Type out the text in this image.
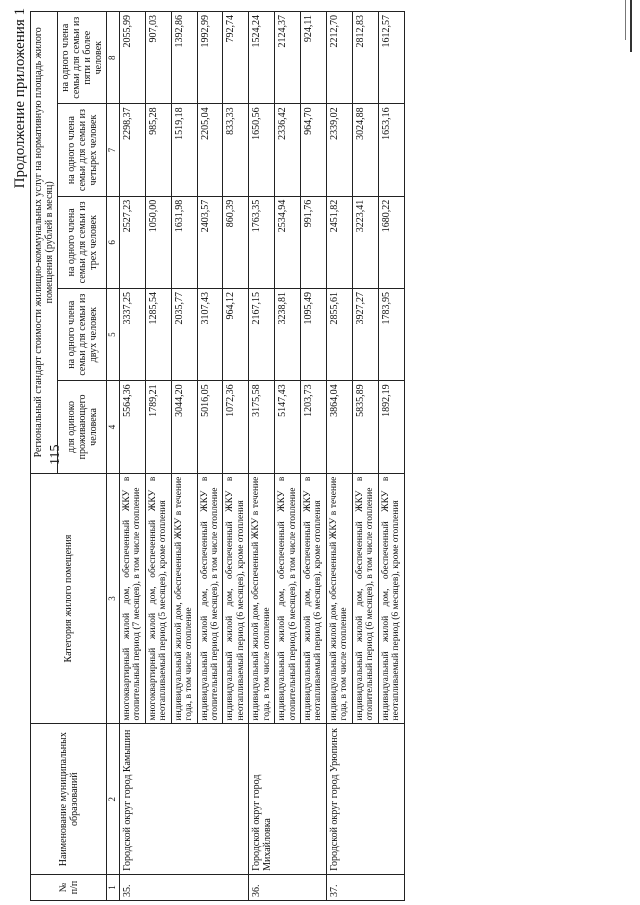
Продолжение приложения 1
115
№ п/п	Наименование муниципальных образований	Категория жилого помещения	Региональный стандарт стоимости жилищно-коммунальных услуг на нормативную площадь жилого помещения (рублей в месяц)				
			для одиноко проживающего человека	на одного члена семьи для семьи из двух человек	на одного члена семьи для семьи из трех человек	на одного члена семьи для семьи из четырех человек	на одного члена семьи для семьи из пяти и более человек
1	2	3	4	5	6	7	8
35.	Городской округ город Камышин	многоквартирный жилой дом, обеспеченный ЖКУ в отопительный период (7 месяцев), в том числе отопление	5564,36	3337,25	2527,23	2298,37	2055,99
		многоквартирный жилой дом, обеспеченный ЖКУ в неотапливаемый период (5 месяцев), кроме отопления	1789,21	1285,54	1050,00	985,28	907,03
		индивидуальный жилой дом, обеспеченный ЖКУ в течение года, в том числе отопление	3044,20	2035,77	1631,98	1519,18	1392,86
		индивидуальный жилой дом, обеспеченный ЖКУ в отопительный период (6 месяцев), в том числе отопление	5016,05	3107,43	2403,57	2205,04	1992,99
		индивидуальный жилой дом, обеспеченный ЖКУ в неотапливаемый период (6 месяцев), кроме отопления	1072,36	964,12	860,39	833,33	792,74
36.	Городской округ город Михайловка	индивидуальный жилой дом, обеспеченный ЖКУ в течение года, в том числе отопление	3175,58	2167,15	1763,35	1650,56	1524,24
		индивидуальный жилой дом, обеспеченный ЖКУ в отопительный период (6 месяцев), в том числе отопление	5147,43	3238,81	2534,94	2336,42	2124,37
		индивидуальный жилой дом, обеспеченный ЖКУ в неотапливаемый период (6 месяцев), кроме отопления	1203,73	1095,49	991,76	964,70	924,11
37.	Городской округ город Урюпинск	индивидуальный жилой дом, обеспеченный ЖКУ в течение года, в том числе отопление	3864,04	2855,61	2451,82	2339,02	2212,70
		индивидуальный жилой дом, обеспеченный ЖКУ в отопительный период (6 месяцев), в том числе отопление	5835,89	3927,27	3223,41	3024,88	2812,83
		индивидуальный жилой дом, обеспеченный ЖКУ в неотапливаемый период (6 месяцев), кроме отопления	1892,19	1783,95	1680,22	1653,16	1612,57
